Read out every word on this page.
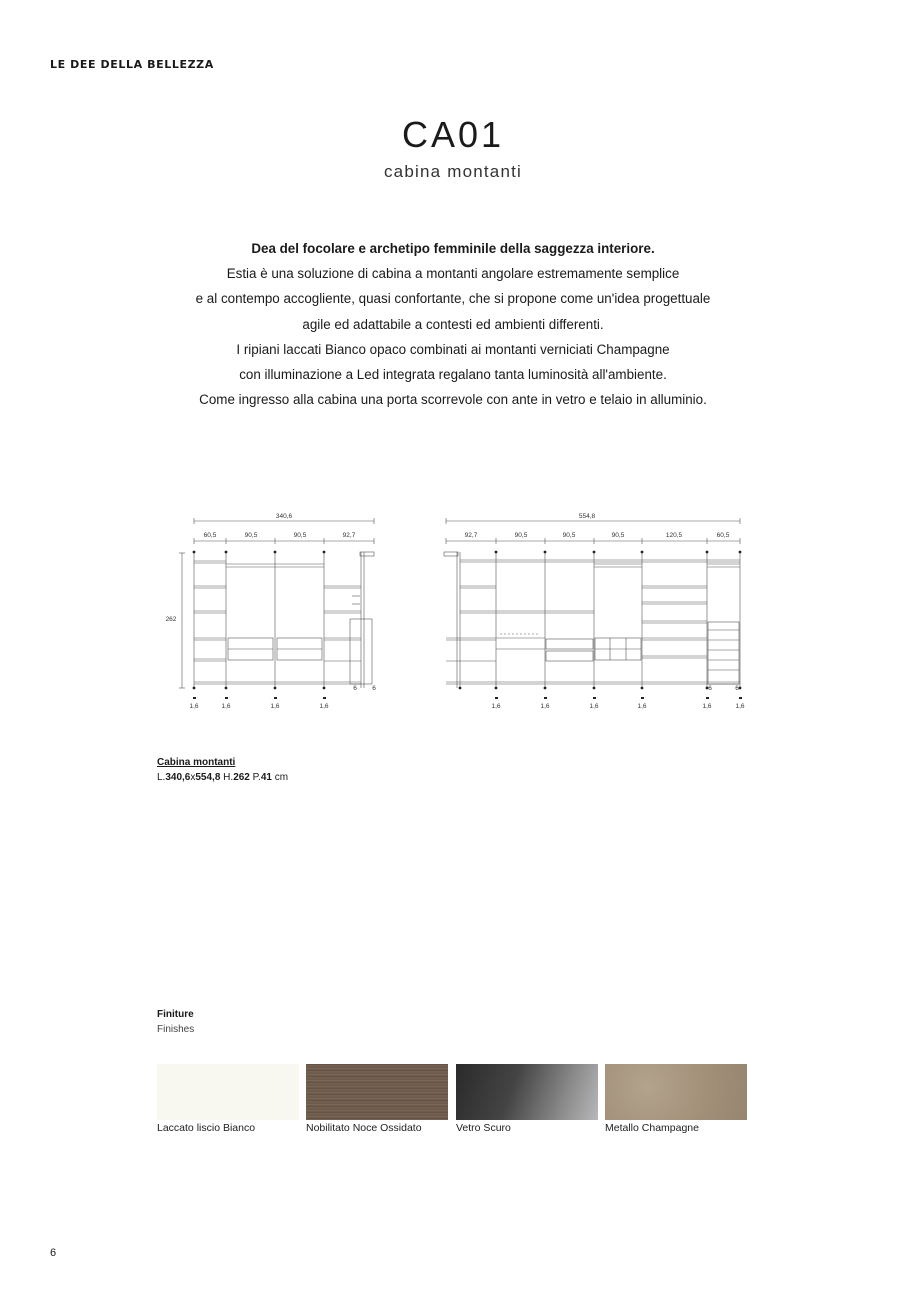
LE DEE DELLA BELLEZZA
CA01
cabina montanti
Dea del focolare e archetipo femminile della saggezza interiore.
Estia è una soluzione di cabina a montanti angolare estremamente semplice
e al contempo accogliente, quasi confortante, che si propone come un'idea progettuale
agile ed adattabile a contesti ed ambienti differenti.
I ripiani laccati Bianco opaco combinati ai montanti verniciati Champagne
con illuminazione a Led integrata regalano tanta luminosità all'ambiente.
Come ingresso alla cabina una porta scorrevole con ante in vetro e telaio in alluminio.
340,6
60,5	90,5	90,5	92,7
262
1,6	1,6	1,6	1,6
6 6
554,8
92,7	90,5	90,5	90,5	120,5	60,5
1,6	1,6	1,6	1,6	1,6	1,6
6	6
Cabina montanti
L.340,6x554,8 H.262 P.41 cm
Finiture
Finishes
Laccato liscio Bianco	Nobilitato Noce Ossidato	Vetro Scuro	Metallo Champagne
6
